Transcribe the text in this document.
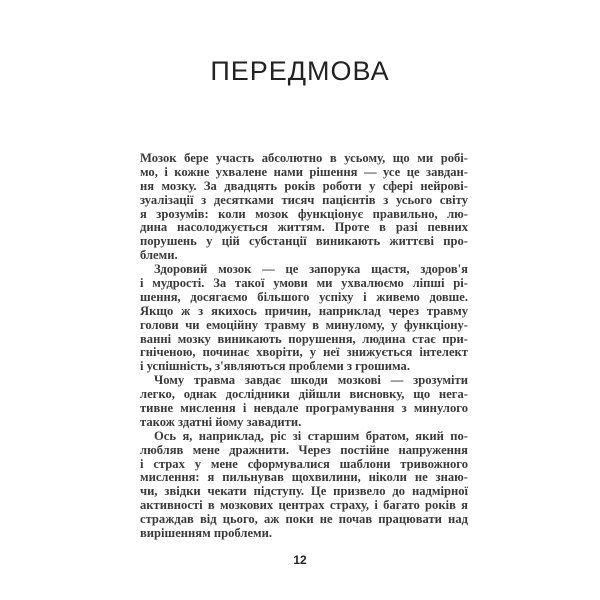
ПЕРЕДМОВА
Мозок бере участь абсолютно в усьому, що ми робі-
мо, і кожне ухвалене нами рішення — усе це завдан-
ня мозку. За двадцять років роботи у сфері нейрові-
зуалізації з десятками тисяч пацієнтів з усього світу
я зрозумів: коли мозок функціонує правильно, лю-
дина насолоджується життям. Проте в разі певних
порушень у цій субстанції виникають життєві про-
блеми.
Здоровий мозок — це запорука щастя, здоров'я
і мудрості. За такої умови ми ухвалюємо ліпші рі-
шення, досягаємо більшого успіху і живемо довше.
Якщо ж з якихось причин, наприклад через травму
голови чи емоційну травму в минулому, у функціону-
ванні мозку виникають порушення, людина стає при-
гніченою, починає хворіти, у неї знижується інтелект
і успішність, з'являються проблеми з грошима.
Чому травма завдає шкоди мозкові — зрозуміти
легко, однак дослідники дійшли висновку, що нега-
тивне мислення і невдале програмування з минулого
також здатні йому завадити.
Ось я, наприклад, ріс зі старшим братом, який по-
любляв мене дражнити. Через постійне напруження
і страх у мене сформувалися шаблони тривожного
мислення: я пильнував щохвилини, ніколи не знаю-
чи, звідки чекати підступу. Це призвело до надмірної
активності в мозкових центрах страху, і багато років я
страждав від цього, аж поки не почав працювати над
вирішенням проблеми.
12
